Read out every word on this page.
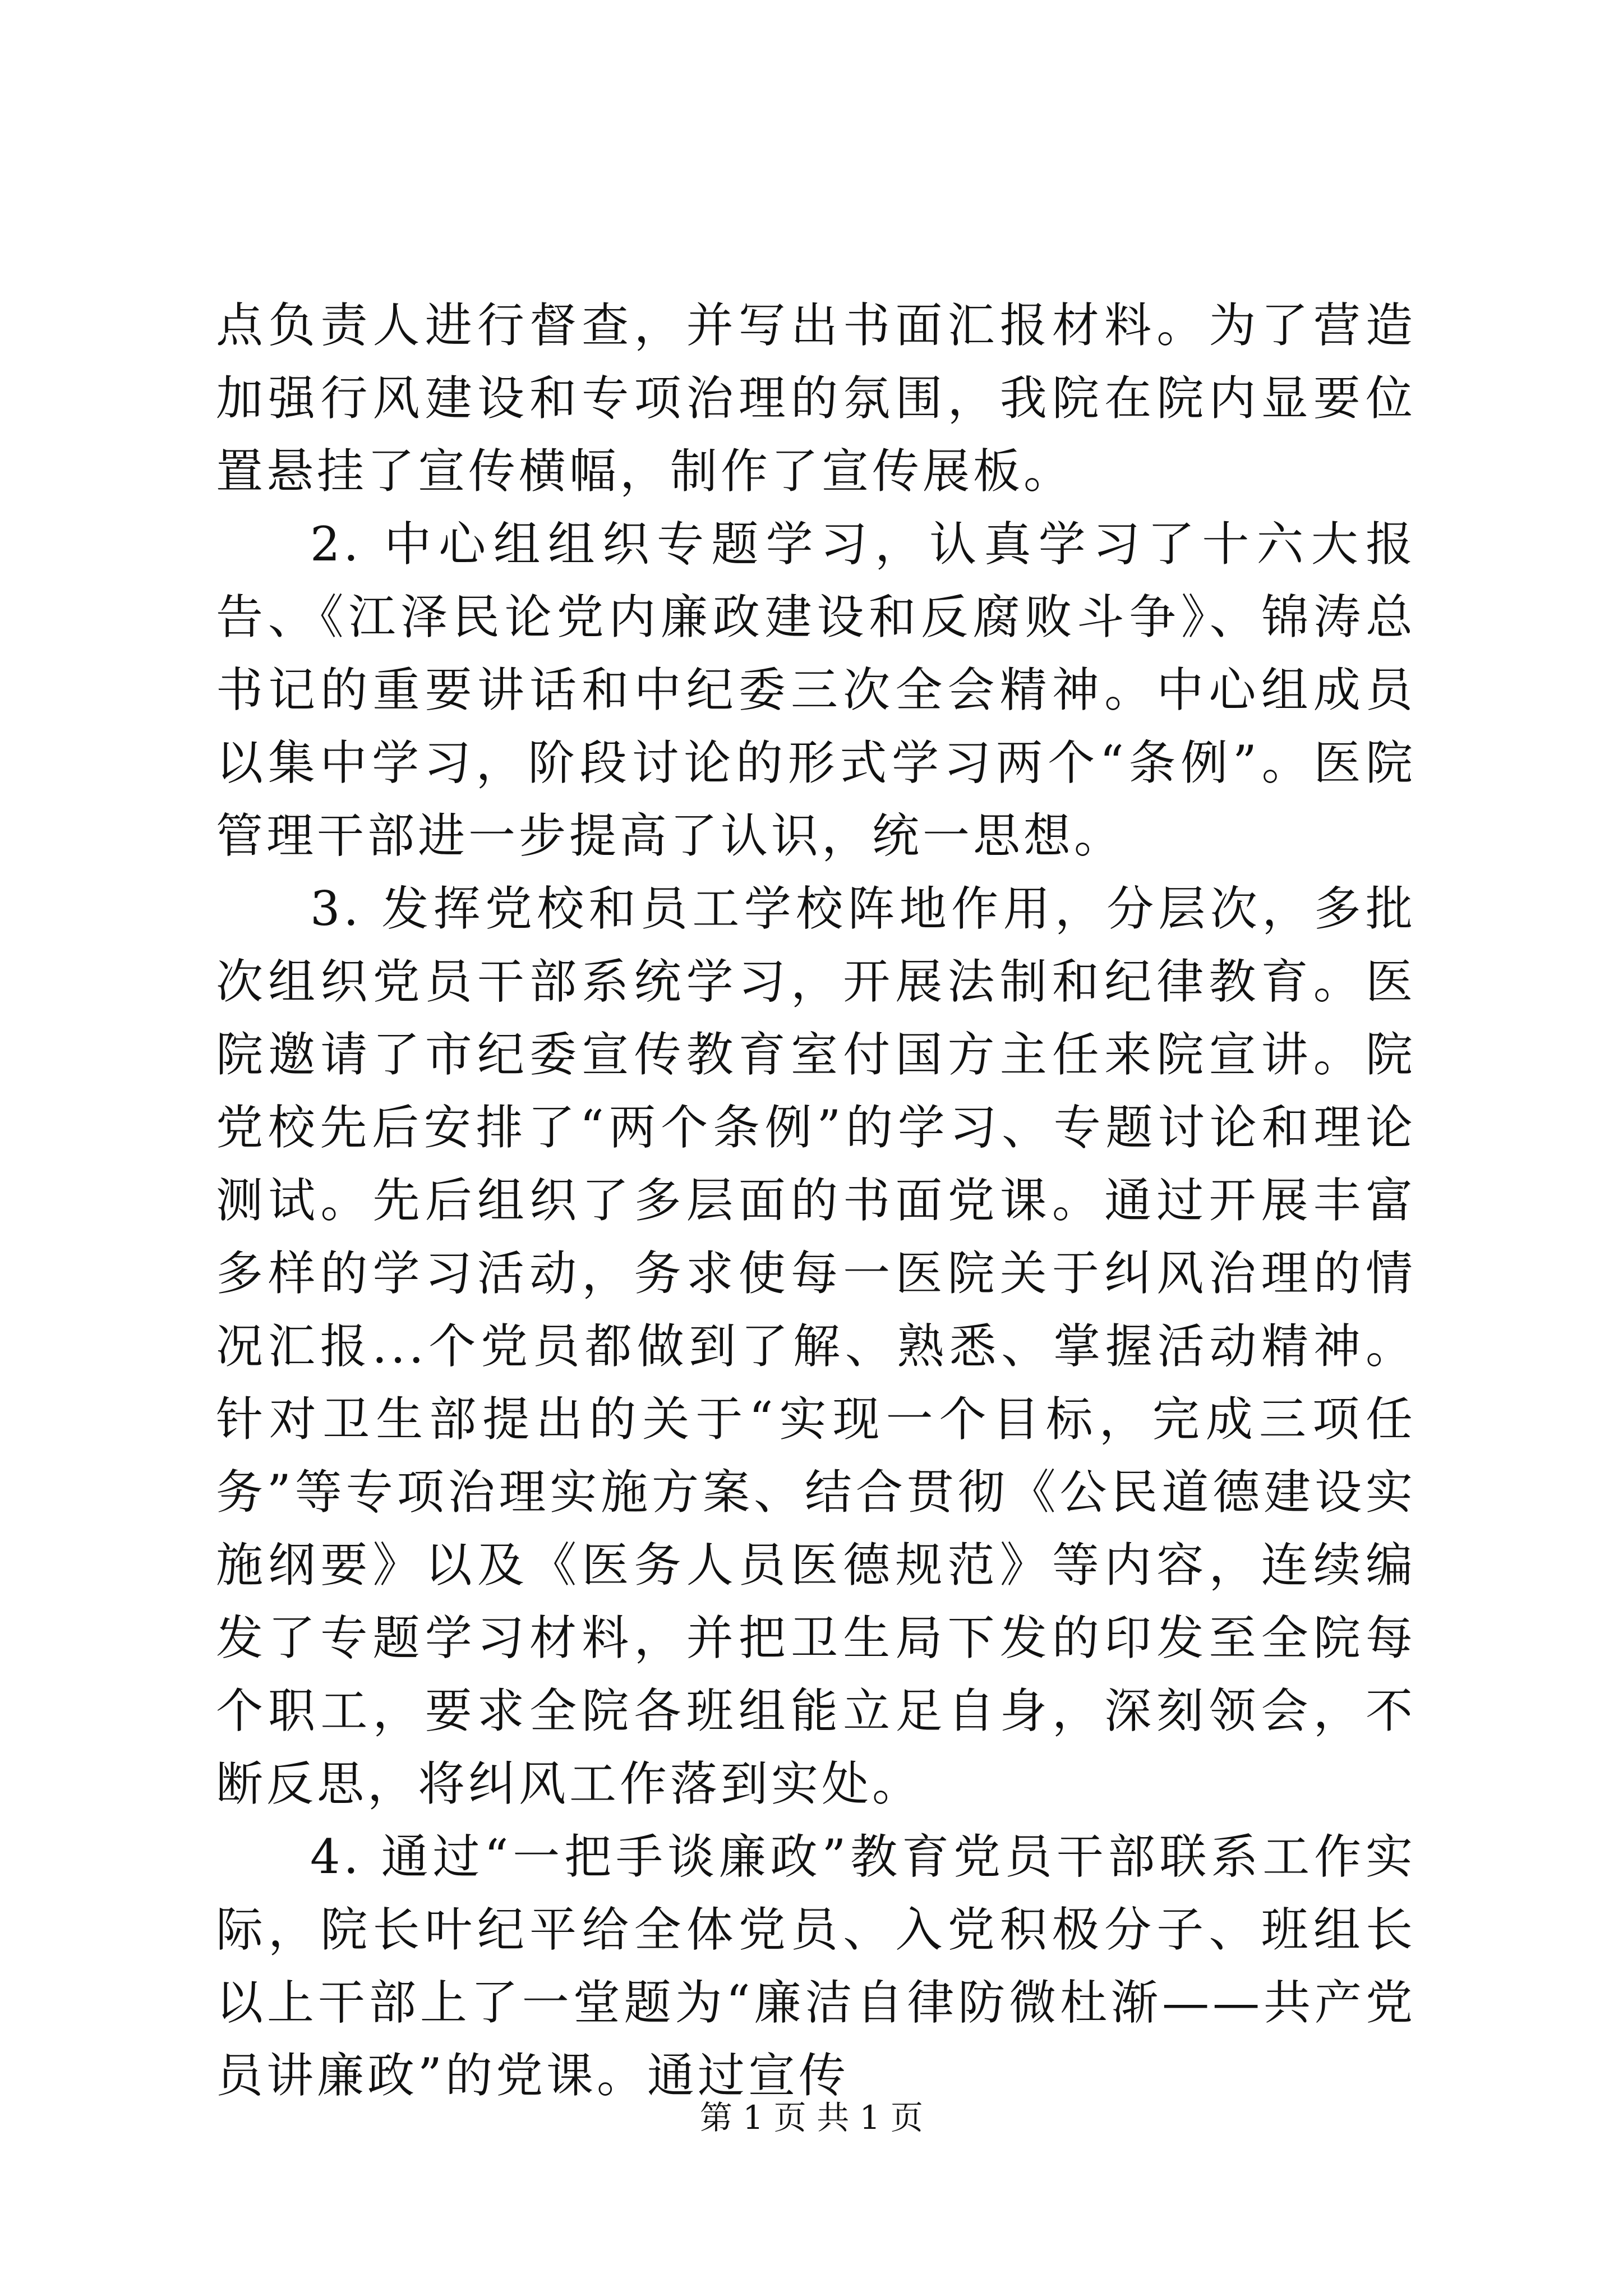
点负责人进行督查，并写出书面汇报材料。为了营造加强行风建设和专项治理的氛围，我院在院内显要位置悬挂了宣传横幅，制作了宣传展板。

2. 中心组组织专题学习，认真学习了十六大报告、《江泽民论党内廉政建设和反腐败斗争》、锦涛总书记的重要讲话和中纪委三次全会精神。中心组成员以集中学习，阶段讨论的形式学习两个“条例”。医院管理干部进一步提高了认识，统一思想。

3. 发挥党校和员工学校阵地作用，分层次，多批次组织党员干部系统学习，开展法制和纪律教育。医院邀请了市纪委宣传教育室付国方主任来院宣讲。院党校先后安排了“两个条例”的学习、专题讨论和理论测试。先后组织了多层面的书面党课。通过开展丰富多样的学习活动，务求使每一医院关于纠风治理的情况汇报...个党员都做到了解、熟悉、掌握活动精神。针对卫生部提出的关于“实现一个目标，完成三项任务”等专项治理实施方案、结合贯彻《公民道德建设实施纲要》以及《医务人员医德规范》等内容，连续编发了专题学习材料，并把卫生局下发的印发至全院每个职工，要求全院各班组能立足自身，深刻领会，不断反思，将纠风工作落到实处。

4. 通过“一把手谈廉政”教育党员干部联系工作实际，院长叶纪平给全体党员、入党积极分子、班组长以上干部上了一堂题为“廉洁自律防微杜渐——共产党员讲廉政”的党课。通过宣传

第 1 页 共 1 页
